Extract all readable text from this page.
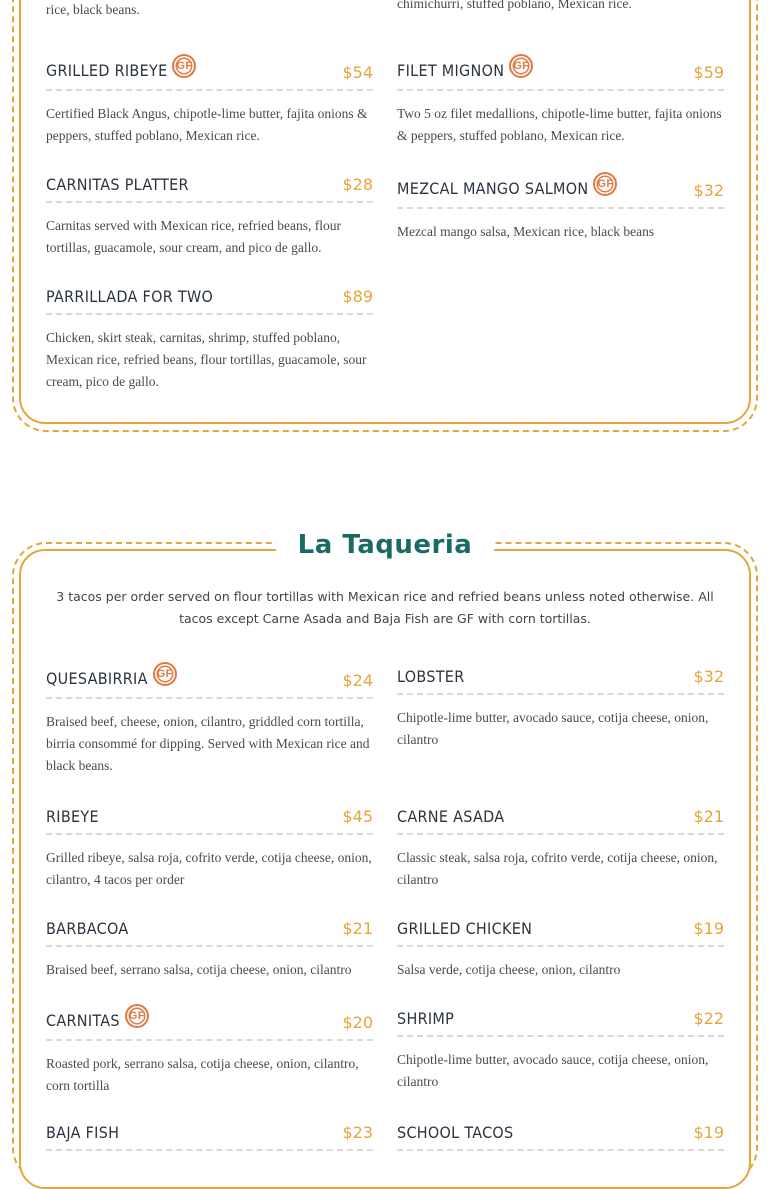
rice, black beans.	chimichurri, stuffed poblano, Mexican rice.
GRILLED RIBEYE GF	$54
Certified Black Angus, chipotle-lime butter, fajita onions & peppers, stuffed poblano, Mexican rice.
CARNITAS PLATTER	$28
Carnitas served with Mexican rice, refried beans, flour tortillas, guacamole, sour cream, and pico de gallo.
PARRILLADA FOR TWO	$89
Chicken, skirt steak, carnitas, shrimp, stuffed poblano, Mexican rice, refried beans, flour tortillas, guacamole, sour cream, pico de gallo.
FILET MIGNON GF	$59
Two 5 oz filet medallions, chipotle-lime butter, fajita onions & peppers, stuffed poblano, Mexican rice.
MEZCAL MANGO SALMON GF	$32
Mezcal mango salsa, Mexican rice, black beans
La Taqueria
3 tacos per order served on flour tortillas with Mexican rice and refried beans unless noted otherwise. All tacos except Carne Asada and Baja Fish are GF with corn tortillas.
QUESABIRRIA GF	$24
Braised beef, cheese, onion, cilantro, griddled corn tortilla, birria consommé for dipping. Served with Mexican rice and black beans.
RIBEYE	$45
Grilled ribeye, salsa roja, cofrito verde, cotija cheese, onion, cilantro, 4 tacos per order
BARBACOA	$21
Braised beef, serrano salsa, cotija cheese, onion, cilantro
CARNITAS GF	$20
Roasted pork, serrano salsa, cotija cheese, onion, cilantro, corn tortilla
BAJA FISH	$23
LOBSTER	$32
Chipotle-lime butter, avocado sauce, cotija cheese, onion, cilantro
CARNE ASADA	$21
Classic steak, salsa roja, cofrito verde, cotija cheese, onion, cilantro
GRILLED CHICKEN	$19
Salsa verde, cotija cheese, onion, cilantro
SHRIMP	$22
Chipotle-lime butter, avocado sauce, cotija cheese, onion, cilantro
SCHOOL TACOS	$19
